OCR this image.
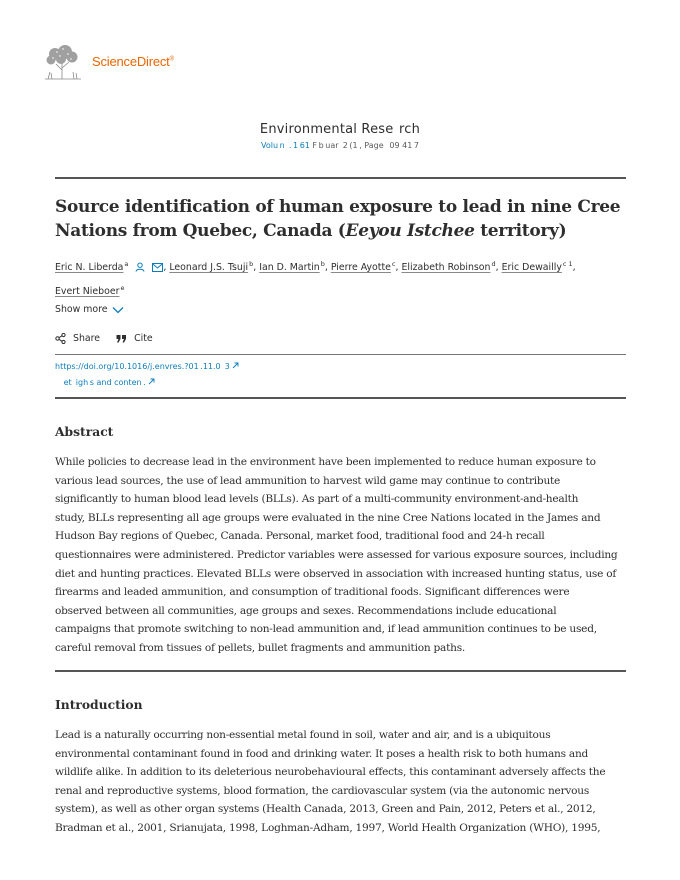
ScienceDirect®
Environmental Rese  rch
Volu n  . 1 61 F b uar  2 (1 , Page   09 41 7
Source identification of human exposure to lead in nine Cree Nations from Quebec, Canada (Eeyou Istchee territory)
Eric N. Liberda$^a$	, Leonard J.S. Tsuji$^b$, Ian D. Martin$^b$, Pierre Ayotte$^c$, Elizabeth Robinson$^d$, Eric Dewailly$^{c 1}$,
Evert Nieboer$^e$
Show more
Share	Cite
https://doi.org/10.1016/j.envres.?01 .11.0  3
 et  igh s and conten .
Abstract
While policies to decrease lead in the environment have been implemented to reduce human exposure to
various lead sources, the use of lead ammunition to harvest wild game may continue to contribute
significantly to human blood lead levels (BLLs). As part of a multi-community environment-and-health
study, BLLs representing all age groups were evaluated in the nine Cree Nations located in the James and
Hudson Bay regions of Quebec, Canada. Personal, market food, traditional food and 24-h recall
questionnaires were administered. Predictor variables were assessed for various exposure sources, including
diet and hunting practices. Elevated BLLs were observed in association with increased hunting status, use of
firearms and leaded ammunition, and consumption of traditional foods. Significant differences were
observed between all communities, age groups and sexes. Recommendations include educational
campaigns that promote switching to non-lead ammunition and, if lead ammunition continues to be used,
careful removal from tissues of pellets, bullet fragments and ammunition paths.
Introduction
Lead is a naturally occurring non-essential metal found in soil, water and air, and is a ubiquitous
environmental contaminant found in food and drinking water. It poses a health risk to both humans and
wildlife alike. In addition to its deleterious neurobehavioural effects, this contaminant adversely affects the
renal and reproductive systems, blood formation, the cardiovascular system (via the autonomic nervous
system), as well as other organ systems (Health Canada, 2013, Green and Pain, 2012, Peters et al., 2012,
Bradman et al., 2001, Srianujata, 1998, Loghman-Adham, 1997, World Health Organization (WHO), 1995,
